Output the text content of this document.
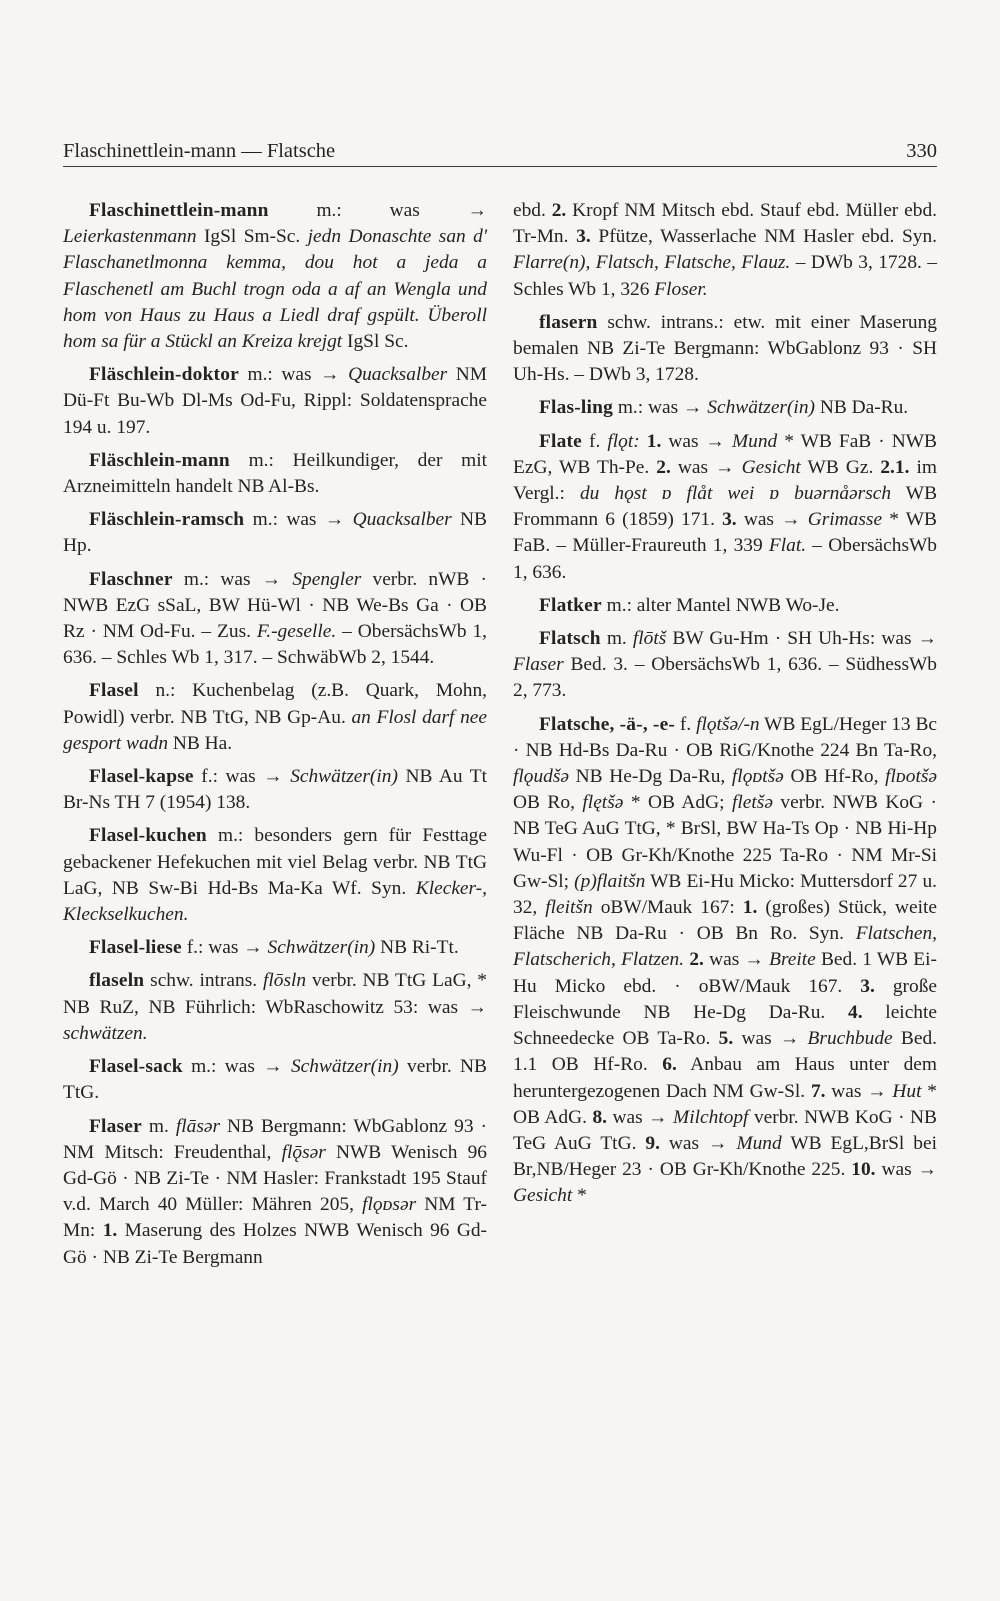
Flaschinettlein-mann — Flatsche	330

Flaschinettlein-mann m.: was → Leierkastenmann IgSl Sm-Sc. jedn Donaschte san d' Flaschanetlmonna kemma, dou hot a jeda a Flaschenetl am Buchl trogn oda a af an Wengla und hom von Haus zu Haus a Liedl draf gspült. Überoll hom sa für a Stückl an Kreiza krejgt IgSl Sc.

Fläschlein-doktor m.: was → Quacksalber NM Dü-Ft Bu-Wb Dl-Ms Od-Fu, Rippl: Soldatensprache 194 u. 197.

Fläschlein-mann m.: Heilkundiger, der mit Arzneimitteln handelt NB Al-Bs.

Fläschlein-ramsch m.: was → Quacksalber NB Hp.

Flaschner m.: was → Spengler verbr. nWB · NWB EzG sSaL, BW Hü-Wl · NB We-Bs Ga · OB Rz · NM Od-Fu. – Zus. F.-geselle. – ObersächsWb 1, 636. – Schles Wb 1, 317. – SchwäbWb 2, 1544.

Flasel n.: Kuchenbelag (z.B. Quark, Mohn, Powidl) verbr. NB TtG, NB Gp-Au. an Flosl darf nee gesport wadn NB Ha.

Flasel-kapse f.: was → Schwätzer(in) NB Au Tt Br-Ns TH 7 (1954) 138.

Flasel-kuchen m.: besonders gern für Festtage gebackener Hefekuchen mit viel Belag verbr. NB TtG LaG, NB Sw-Bi Hd-Bs Ma-Ka Wf. Syn. Klecker-, Kleckselkuchen.

Flasel-liese f.: was → Schwätzer(in) NB Ri-Tt.

flaseln schw. intrans. flōsln verbr. NB TtG LaG, * NB RuZ, NB Führlich: WbRaschowitz 53: was → schwätzen.

Flasel-sack m.: was → Schwätzer(in) verbr. NB TtG.

Flaser m. flāsər NB Bergmann: WbGablonz 93 · NM Mitsch: Freudenthal, flǭsər NWB Wenisch 96 Gd-Gö · NB Zi-Te · NM Hasler: Frankstadt 195 Stauf v.d. March 40 Müller: Mähren 205, flǫᴅsər NM Tr-Mn: 1. Maserung des Holzes NWB Wenisch 96 Gd-Gö · NB Zi-Te Bergmann

ebd. 2. Kropf NM Mitsch ebd. Stauf ebd. Müller ebd. Tr-Mn. 3. Pfütze, Wasserlache NM Hasler ebd. Syn. Flarre(n), Flatsch, Flatsche, Flauz. – DWb 3, 1728. – Schles Wb 1, 326 Floser.

flasern schw. intrans.: etw. mit einer Maserung bemalen NB Zi-Te Bergmann: WbGablonz 93 · SH Uh-Hs. – DWb 3, 1728.

Flas-ling m.: was → Schwätzer(in) NB Da-Ru.

Flate f. flǫt: 1. was → Mund * WB FaB · NWB EzG, WB Th-Pe. 2. was → Gesicht WB Gz. 2.1. im Vergl.: du hǫst ɒ flåt wei ɒ buərnåərsch WB Frommann 6 (1859) 171. 3. was → Grimasse * WB FaB. – Müller-Fraureuth 1, 339 Flat. – ObersächsWb 1, 636.

Flatker m.: alter Mantel NWB Wo-Je.

Flatsch m. flōtš BW Gu-Hm · SH Uh-Hs: was → Flaser Bed. 3. – ObersächsWb 1, 636. – SüdhessWb 2, 773.

Flatsche, -ä-, -e- f. flǫtšə/-n WB EgL/Heger 13 Bc · NB Hd-Bs Da-Ru · OB RiG/Knothe 224 Bn Ta-Ro, flǫudšə NB He-Dg Da-Ru, flǫᴅtšə OB Hf-Ro, flᴅotšə OB Ro, flętšə * OB AdG; fletšə verbr. NWB KoG · NB TeG AuG TtG, * BrSl, BW Ha-Ts Op · NB Hi-Hp Wu-Fl · OB Gr-Kh/Knothe 225 Ta-Ro · NM Mr-Si Gw-Sl; (p)flaitšn WB Ei-Hu Micko: Muttersdorf 27 u. 32, fleitšn oBW/Mauk 167: 1. (großes) Stück, weite Fläche NB Da-Ru · OB Bn Ro. Syn. Flatschen, Flatscherich, Flatzen. 2. was → Breite Bed. 1 WB Ei-Hu Micko ebd. · oBW/Mauk 167. 3. große Fleischwunde NB He-Dg Da-Ru. 4. leichte Schneedecke OB Ta-Ro. 5. was → Bruchbude Bed. 1.1 OB Hf-Ro. 6. Anbau am Haus unter dem heruntergezogenen Dach NM Gw-Sl. 7. was → Hut * OB AdG. 8. was → Milchtopf verbr. NWB KoG · NB TeG AuG TtG. 9. was → Mund WB EgL,BrSl bei Br,NB/Heger 23 · OB Gr-Kh/Knothe 225. 10. was → Gesicht *
